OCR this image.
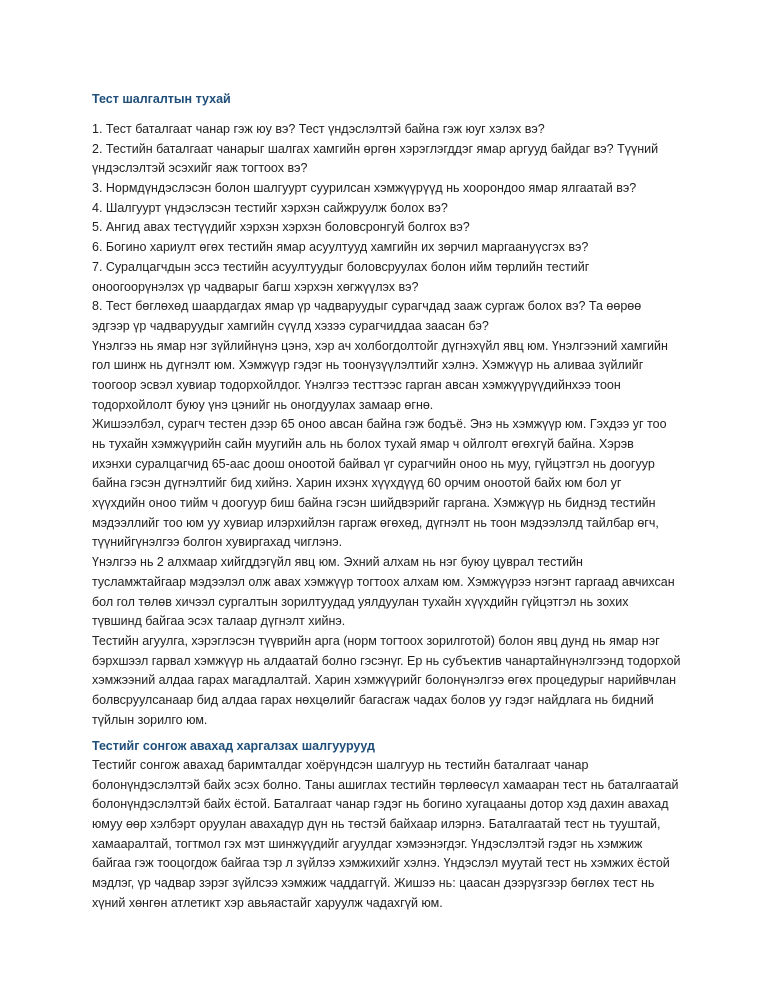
Тест шалгалтын тухай
1. Тест баталгаат чанар гэж юу вэ? Тест үндэслэлтэй байна гэж юуг хэлэх вэ?
2. Тестийн баталгаат чанарыг шалгах хамгийн өргөн хэрэглэгддэг ямар аргууд байдаг вэ? Түүний
үндэслэлтэй эсэхийг яаж тогтоох вэ?
3. Нормдүндэслэсэн болон шалгуурт суурилсан хэмжүүрүүд нь хоорондоо ямар ялгаатай вэ?
4. Шалгуурт үндэслэсэн тестийг хэрхэн сайжруулж болох вэ?
5. Ангид авах тестүүдийг хэрхэн хэрхэн боловсронгуй болгох вэ?
6. Богино хариулт өгөх тестийн ямар асуултууд хамгийн их зөрчил маргаануүсгэх вэ?
7. Суралцагчдын эссэ тестийн асуултуудыг боловсруулах болон ийм төрлийн тестийг
оноогоорүнэлэх үр чадварыг багш хэрхэн хөгжүүлэх вэ?
8. Тест бөглөхөд шаардагдах ямар үр чадваруудыг сурагчдад зааж сургаж болох вэ? Та өөрөө
эдгээр үр чадваруудыг хамгийн сүүлд хэзээ сурагчиддаа заасан бэ?
Үнэлгээ нь ямар нэг зүйлийнүнэ цэнэ, хэр ач холбогдолтойг дүгнэхүйл явц юм. Үнэлгээний хамгийн
гол шинж нь дүгнэлт юм. Хэмжүүр гэдэг нь тоонүзүүлэлтийг хэлнэ. Хэмжүүр нь аливаа зүйлийг
тоогоор эсвэл хувиар тодорхойлдог. Үнэлгээ тесттээс гарган авсан хэмжүүрүүдийнхээ тоон
тодорхойлолт буюу үнэ цэнийг нь оногдуулах замаар өгнө.
Жишээлбэл, сурагч тестен дээр 65 оноо авсан байна гэж бодъё. Энэ нь хэмжүүр юм. Гэхдээ уг тоо
нь тухайн хэмжүүрийн сайн муугийн аль нь болох тухай ямар ч ойлголт өгөхгүй байна. Хэрэв
ихэнхи суралцагчид 65-аас доош оноотой байвал үг сурагчийн оноо нь муу, гүйцэтгэл нь доогуур
байна гэсэн дүгнэлтийг бид хийнэ. Харин ихэнх хүүхдүүд 60 орчим оноотой байх юм бол уг
хүүхдийн оноо тийм ч доогуур биш байна гэсэн шийдвэрийг гаргана. Хэмжүүр нь биднэд тестийн
мэдээллийг тоо юм уу хувиар илэрхийлэн гаргаж өгөхөд, дүгнэлт нь тоон мэдээлэлд тайлбар өгч,
түүнийгүнэлгээ болгон хувиргахад чиглэнэ.
Үнэлгээ нь 2 алхмаар хийгддэгүйл явц юм. Эхний алхам нь нэг буюу цуврал тестийн
тусламжтайгаар мэдээлэл олж авах хэмжүүр тогтоох алхам юм. Хэмжүүрээ нэгэнт гаргаад авчихсан
бол гол төлөв хичээл сургалтын зорилтуудад уялдуулан тухайн хүүхдийн гүйцэтгэл нь зохих
түвшинд байгаа эсэх талаар дүгнэлт хийнэ.
Тестийн агуулга, хэрэглэсэн түүврийн арга (норм тогтоох зорилготой) болон явц дунд нь ямар нэг
бэрхшээл гарвал хэмжүүр нь алдаатай болно гэсэнүг. Ер нь субъектив чанартайнүнэлгээнд тодорхой
хэмжээний алдаа гарах магадлалтай. Харин хэмжүүрийг болонүнэлгээ өгөх процедурыг нарийвчлан
болвсруулсанаар бид алдаа гарах нөхцөлийг багасгаж чадах болов уу гэдэг найдлага нь бидний
түйлын зорилго юм.
Тестийг сонгож авахад харгалзах шалгуурууд
Тестийг сонгож авахад баримталдаг хоёрүндсэн шалгуур нь тестийн баталгаат чанар
болонүндэслэлтэй байх эсэх болно. Таны ашиглах тестийн төрлөөсүл хамааран тест нь баталгаатай
болонүндэслэлтэй байх ёстой. Баталгаат чанар гэдэг нь богино хугацааны дотор хэд дахин авахад
юмуу өөр хэлбэрт оруулан авахадүр дүн нь төстэй байхаар илэрнэ. Баталгаатай тест нь тууштай,
хамааралтай, тогтмол гэх мэт шинжүүдийг агуулдаг хэмээнэгдэг. Үндэслэлтэй гэдэг нь хэмжиж
байгаа гэж тооцогдож байгаа тэр л зүйлээ хэмжихийг хэлнэ. Үндэслэл муутай тест нь хэмжих ёстой
мэдлэг, үр чадвар зэрэг зүйлсээ хэмжиж чаддаггүй. Жишээ нь: цаасан дээрүзгээр бөглөх тест нь
хүний хөнгөн атлетикт хэр авьяастайг харуулж чадахгүй юм.
